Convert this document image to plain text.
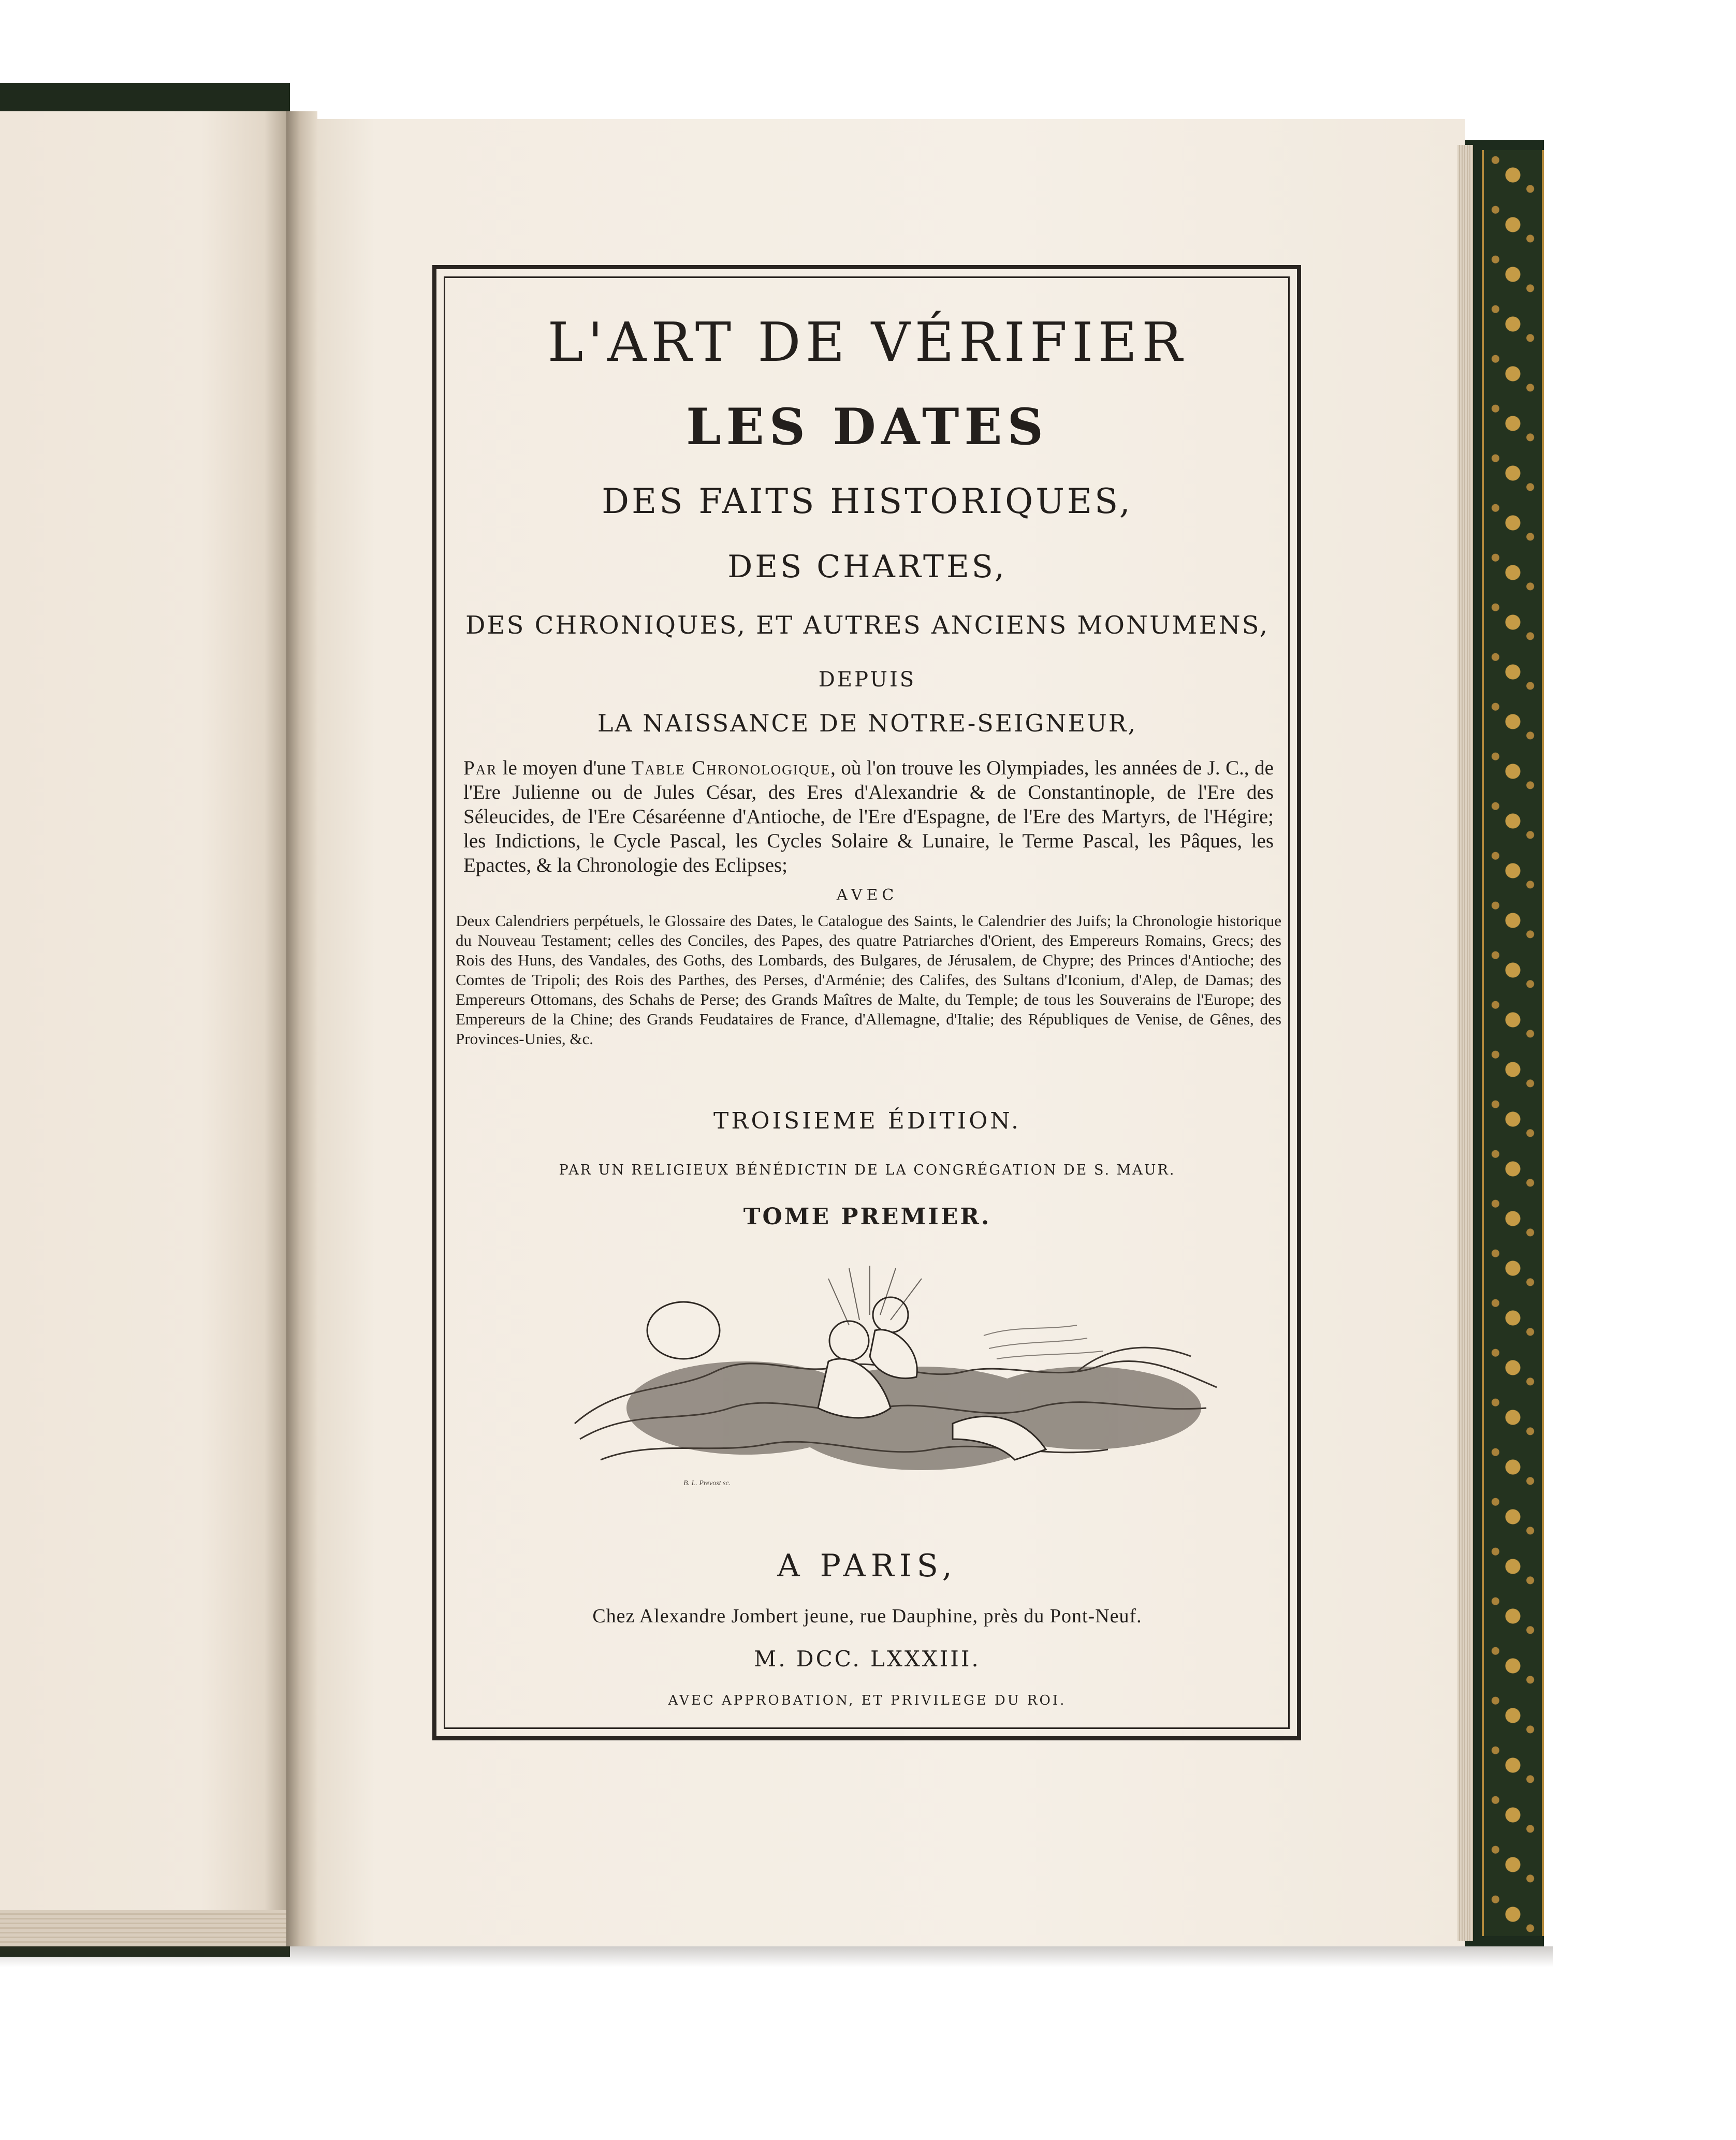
L'ART DE VÉRIFIER
LES DATES
DES FAITS HISTORIQUES,
DES CHARTES,
DES CHRONIQUES, ET AUTRES ANCIENS MONUMENS,
DEPUIS
LA NAISSANCE DE NOTRE-SEIGNEUR,

Par le moyen d'une Table Chronologique, où l'on trouve les Olympiades, les années de J. C., de l'Ere Julienne ou de Jules César, des Eres d'Alexandrie & de Constantinople, de l'Ere des Séleucides, de l'Ere Césaréenne d'Antioche, de l'Ere d'Espagne, de l'Ere des Martyrs, de l'Hégire; les Indictions, le Cycle Pascal, les Cycles Solaire & Lunaire, le Terme Pascal, les Pâques, les Epactes, & la Chronologie des Eclipses;

AVEC

Deux Calendriers perpétuels, le Glossaire des Dates, le Catalogue des Saints, le Calendrier des Juifs; la Chronologie historique du Nouveau Testament; celles des Conciles, des Papes, des quatre Patriarches d'Orient, des Empereurs Romains, Grecs; des Rois des Huns, des Vandales, des Goths, des Lombards, des Bulgares, de Jérusalem, de Chypre; des Princes d'Antioche; des Comtes de Tripoli; des Rois des Parthes, des Perses, d'Arménie; des Califes, des Sultans d'Iconium, d'Alep, de Damas; des Empereurs Ottomans, des Schahs de Perse; des Grands Maîtres de Malte, du Temple; de tous les Souverains de l'Europe; des Empereurs de la Chine; des Grands Feudataires de France, d'Allemagne, d'Italie; des Républiques de Venise, de Gênes, des Provinces-Unies, &c.

TROISIEME ÉDITION.
PAR UN RELIGIEUX BÉNÉDICTIN DE LA CONGRÉGATION DE S. MAUR.
TOME PREMIER.
B. L. Prevost sc.
A PARIS,
Chez Alexandre Jombert jeune, rue Dauphine, près du Pont-Neuf.
M. DCC. LXXXIII.
AVEC APPROBATION, ET PRIVILEGE DU ROI.
